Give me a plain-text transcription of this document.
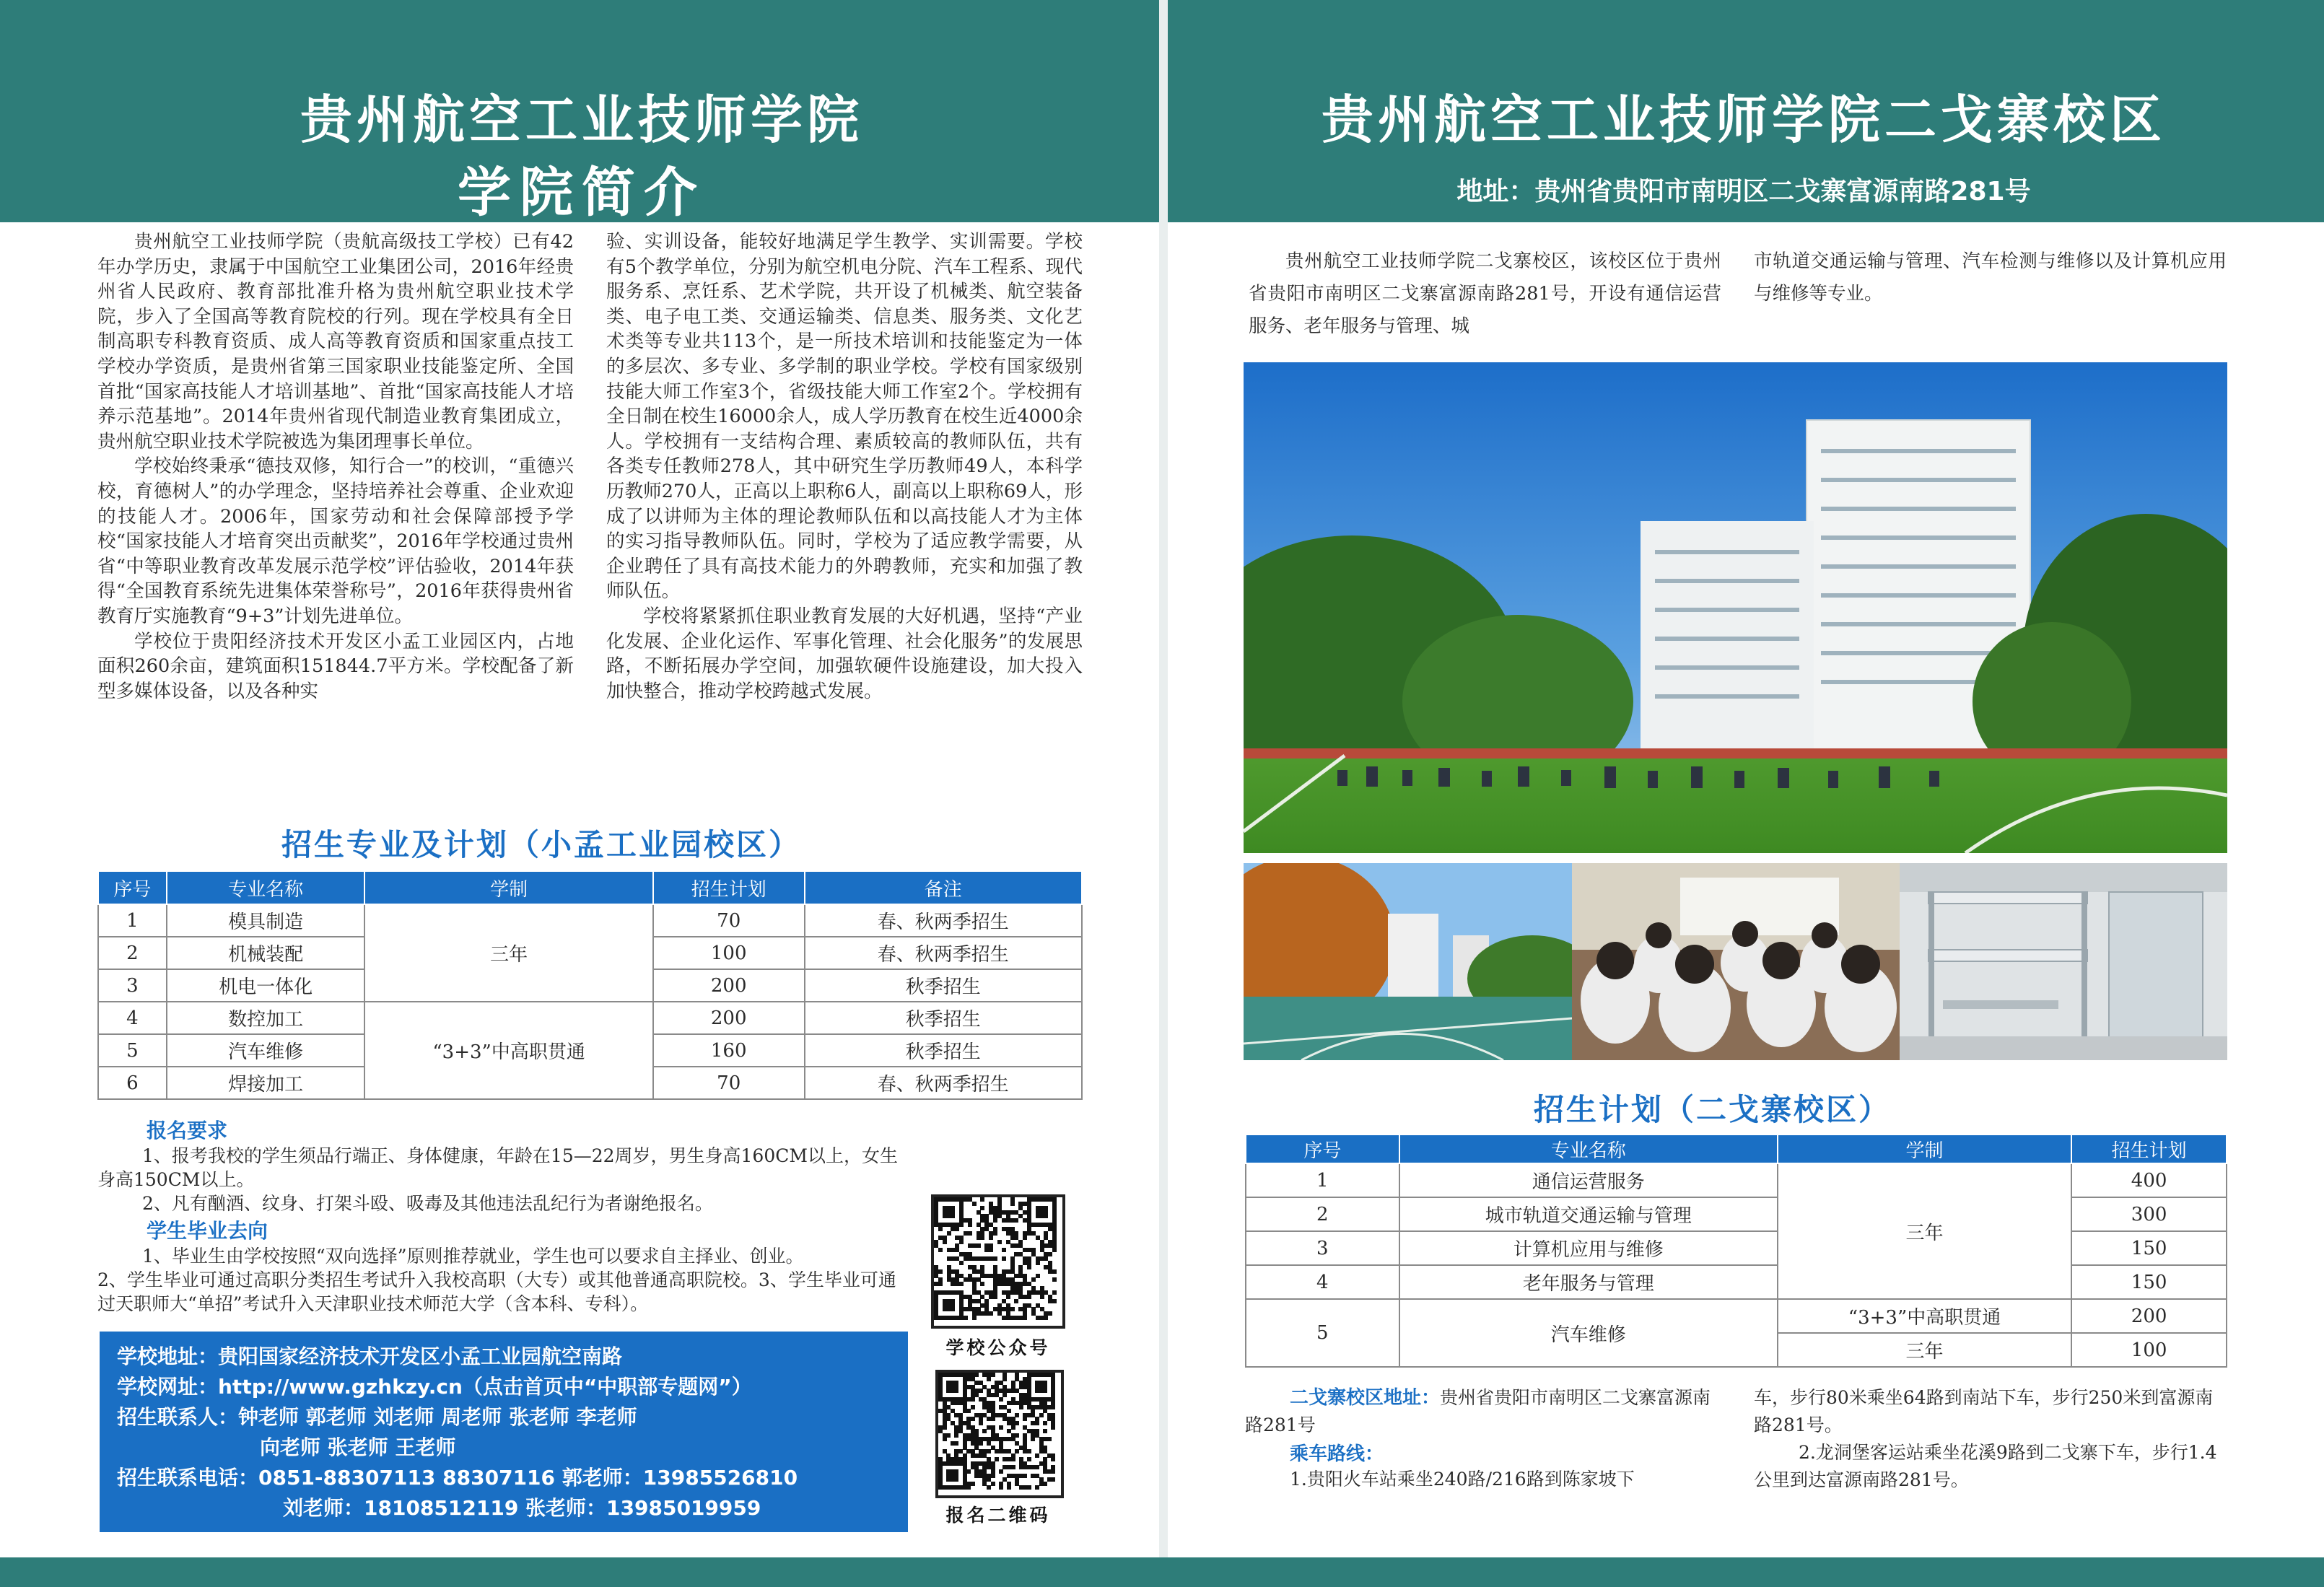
贵州航空工业技师学院
学院简介
贵州航空工业技师学院二戈寨校区
地址：贵州省贵阳市南明区二戈寨富源南路281号

贵州航空工业技师学院（贵航高级技工学校）已有42年办学历史，隶属于中国航空工业集团公司，2016年经贵州省人民政府、教育部批准升格为贵州航空职业技术学院，步入了全国高等教育院校的行列。现在学校具有全日制高职专科教育资质、成人高等教育资质和国家重点技工学校办学资质，是贵州省第三国家职业技能鉴定所、全国首批“国家高技能人才培训基地”、首批“国家高技能人才培养示范基地”。2014年贵州省现代制造业教育集团成立，贵州航空职业技术学院被选为集团理事长单位。

学校始终秉承“德技双修，知行合一”的校训，“重德兴校，育德树人”的办学理念，坚持培养社会尊重、企业欢迎的技能人才。2006年，国家劳动和社会保障部授予学校“国家技能人才培育突出贡献奖”，2016年学校通过贵州省“中等职业教育改革发展示范学校”评估验收，2014年获得“全国教育系统先进集体荣誉称号”，2016年获得贵州省教育厅实施教育“9+3”计划先进单位。

学校位于贵阳经济技术开发区小孟工业园区内，占地面积260余亩，建筑面积151844.7平方米。学校配备了新型多媒体设备，以及各种实

验、实训设备，能较好地满足学生教学、实训需要。学校有5个教学单位，分别为航空机电分院、汽车工程系、现代服务系、烹饪系、艺术学院，共开设了机械类、航空装备类、电子电工类、交通运输类、信息类、服务类、文化艺术类等专业共113个，是一所技术培训和技能鉴定为一体的多层次、多专业、多学制的职业学校。学校有国家级别技能大师工作室3个，省级技能大师工作室2个。学校拥有全日制在校生16000余人，成人学历教育在校生近4000余人。学校拥有一支结构合理、素质较高的教师队伍，共有各类专任教师278人，其中研究生学历教师49人，本科学历教师270人，正高以上职称6人，副高以上职称69人，形成了以讲师为主体的理论教师队伍和以高技能人才为主体的实习指导教师队伍。同时，学校为了适应教学需要，从企业聘任了具有高技术能力的外聘教师，充实和加强了教师队伍。

学校将紧紧抓住职业教育发展的大好机遇，坚持“产业化发展、企业化运作、军事化管理、社会化服务”的发展思路，不断拓展办学空间，加强软硬件设施建设，加大投入加快整合，推动学校跨越式发展。

招生专业及计划（小孟工业园校区）
序号	专业名称	学制	招生计划	备注
1	模具制造	三年	70	春、秋两季招生
2	机械装配		100	春、秋两季招生
3	机电一体化		200	秋季招生
4	数控加工	“3+3”中高职贯通	200	秋季招生
5	汽车维修		160	秋季招生
6	焊接加工		70	春、秋两季招生
报名要求

1、报考我校的学生须品行端正、身体健康，年龄在15—22周岁，男生身高160CM以上，女生身高150CM以上。

2、凡有酗酒、纹身、打架斗殴、吸毒及其他违法乱纪行为者谢绝报名。

学生毕业去向

1、毕业生由学校按照“双向选择”原则推荐就业，学生也可以要求自主择业、创业。

2、学生毕业可通过高职分类招生考试升入我校高职（大专）或其他普通高职院校。3、学生毕业可通过天职师大“单招”考试升入天津职业技术师范大学（含本科、专科）。

学校地址：贵阳国家经济技术开发区小孟工业园航空南路
学校网址：http://www.gzhkzy.cn（点击首页中“中职部专题网”）
招生联系人：钟老师 郭老师 刘老师 周老师 张老师 李老师
向老师 张老师 王老师
招生联系电话：0851-88307113 88307116 郭老师：13985526810
刘老师：18108512119 张老师：13985019959
学校公众号
报名二维码

贵州航空工业技师学院二戈寨校区，该校区位于贵州省贵阳市南明区二戈寨富源南路281号，开设有通信运营服务、老年服务与管理、城

市轨道交通运输与管理、汽车检测与维修以及计算机应用与维修等专业。

招生计划（二戈寨校区）
序号	专业名称	学制	招生计划
1	通信运营服务	三年	400
2	城市轨道交通运输与管理		300
3	计算机应用与维修		150
4	老年服务与管理		150
5	汽车维修	“3+3”中高职贯通	200
		三年	100

二戈寨校区地址：贵州省贵阳市南明区二戈寨富源南路281号

乘车路线：

1.贵阳火车站乘坐240路/216路到陈家坡下

车，步行80米乘坐64路到南站下车，步行250米到富源南路281号。

2.龙洞堡客运站乘坐花溪9路到二戈寨下车，步行1.4公里到达富源南路281号。
